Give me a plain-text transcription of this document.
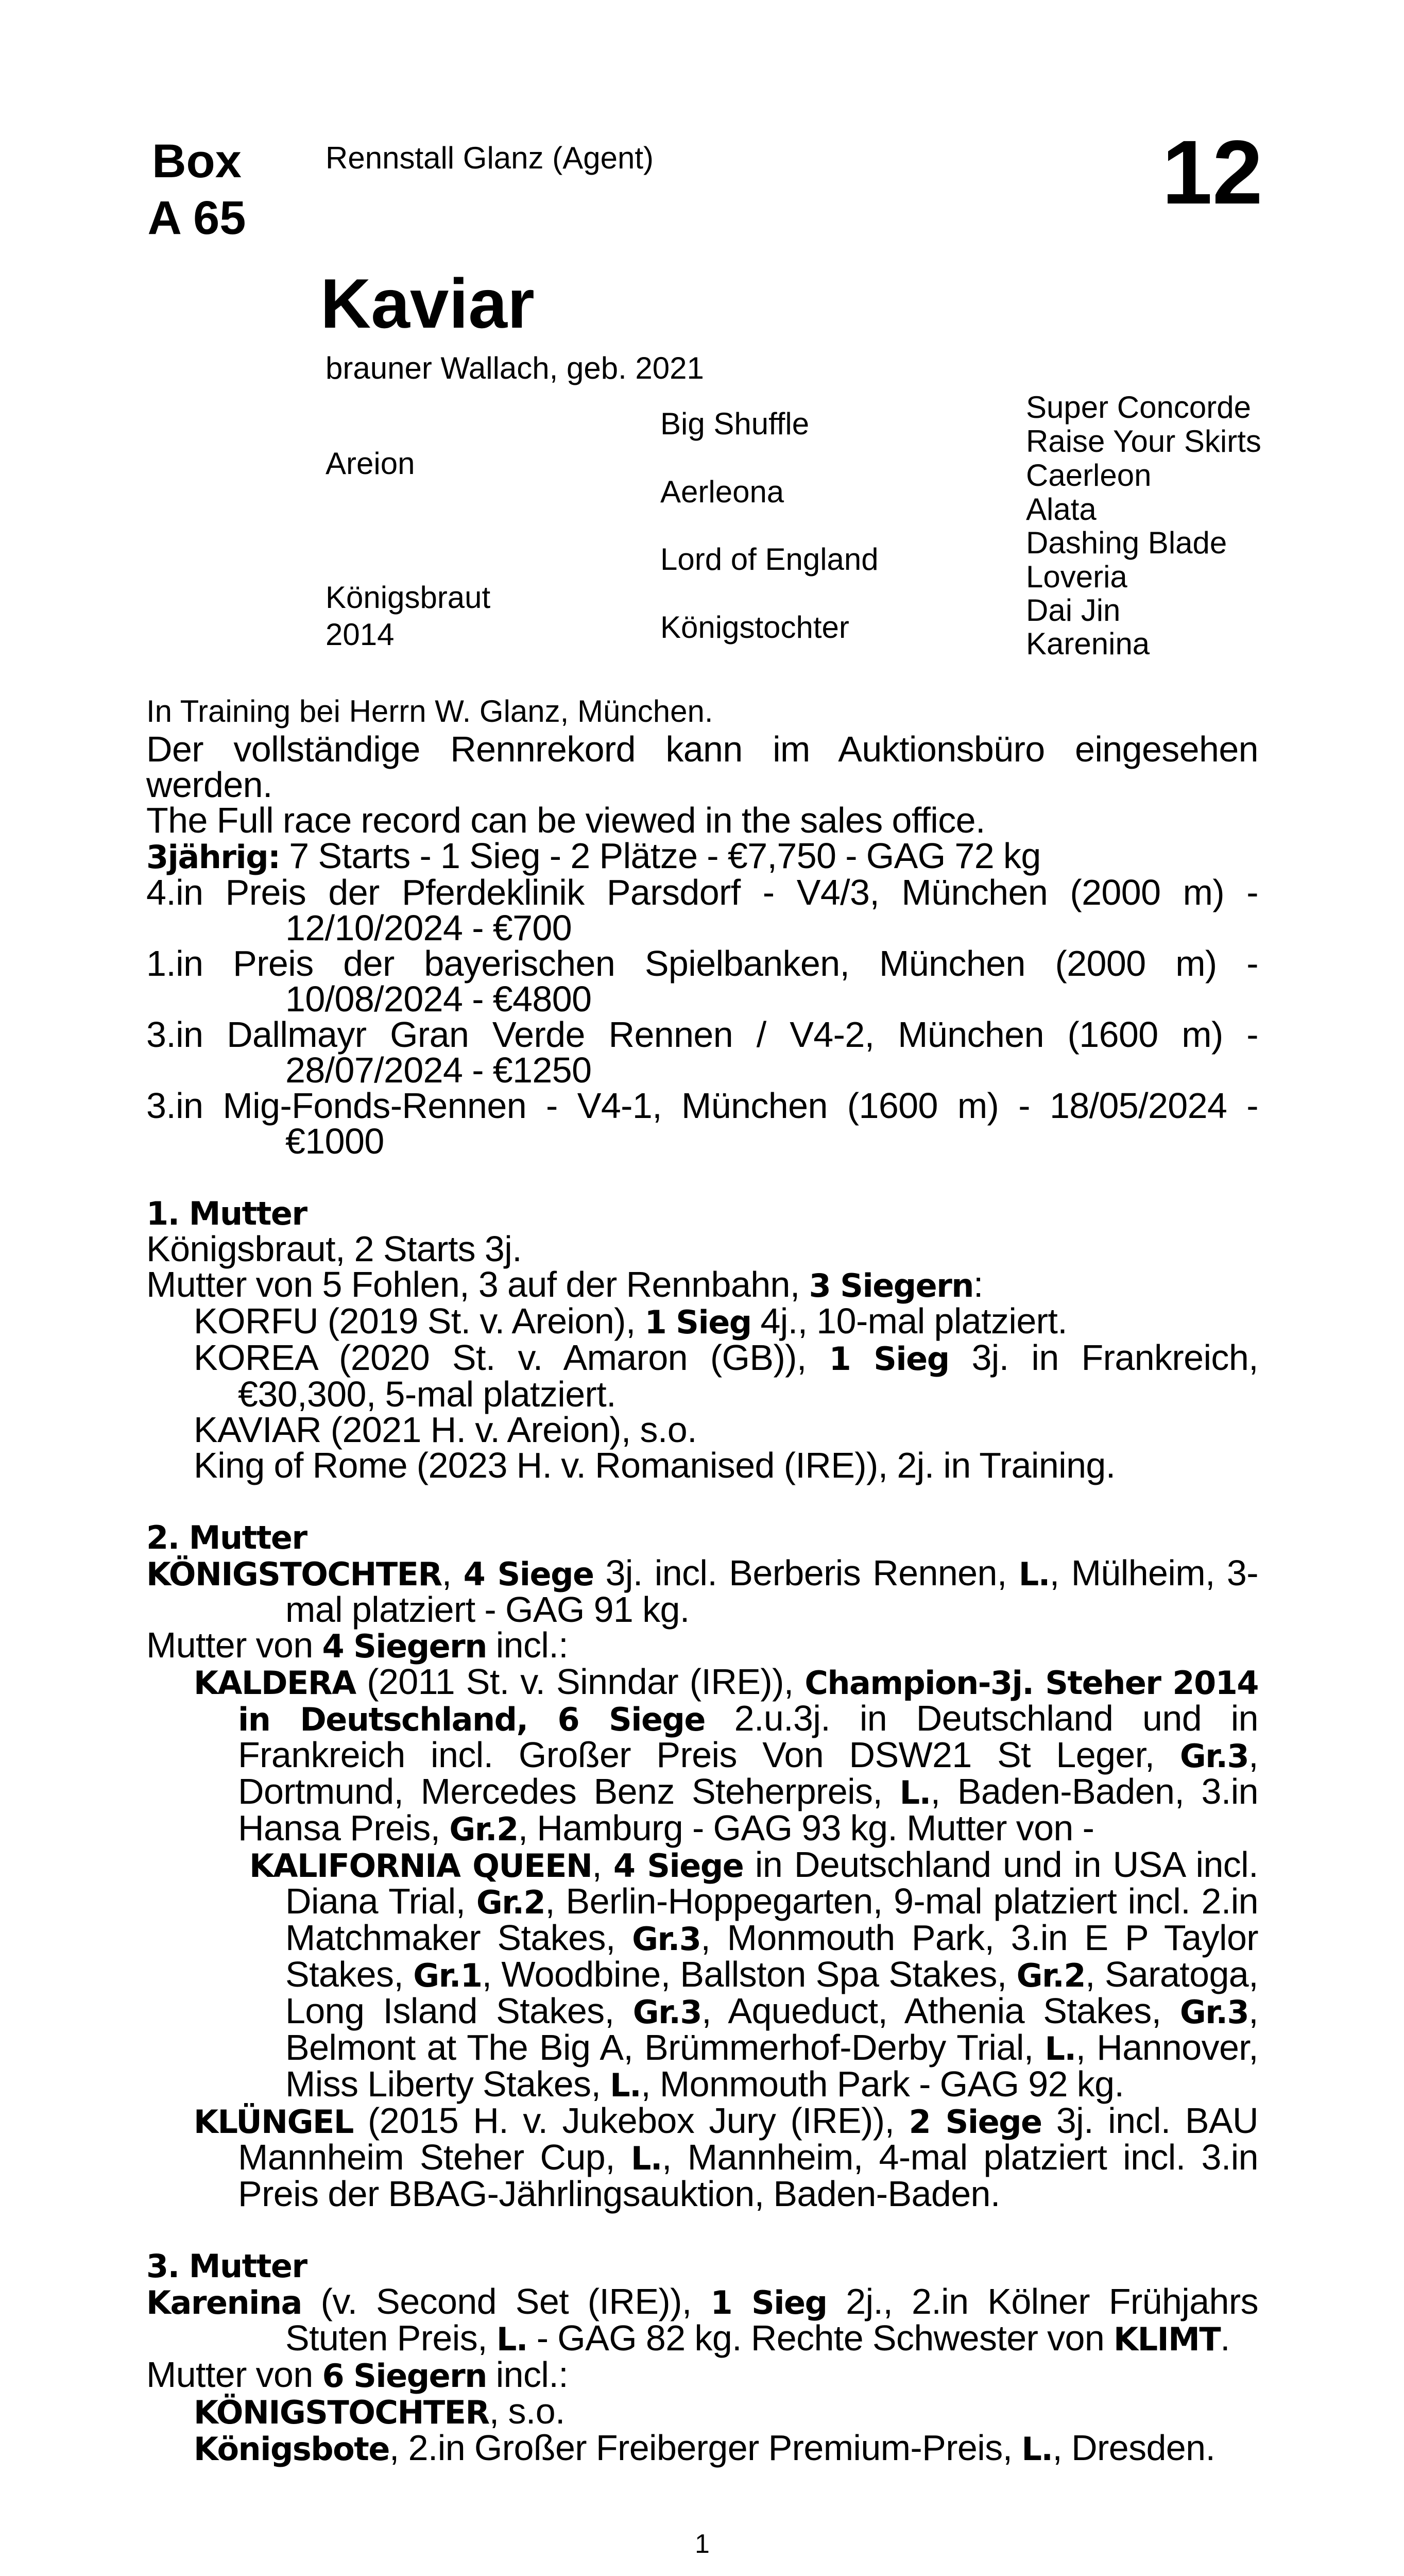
Box
A 65
Rennstall Glanz (Agent)	12
Kaviar
brauner Wallach, geb. 2021
Areion
Königsbraut
2014
Big Shuffle
Aerleona
Lord of England
Königstochter
Super Concorde
Raise Your Skirts
Caerleon
Alata
Dashing Blade
Loveria
Dai Jin
Karenina
In Training bei Herrn W. Glanz, München.
Der vollständige Rennrekord kann im Auktionsbüro eingesehen werden.
The Full race record can be viewed in the sales office.
3jährig: 7 Starts - 1 Sieg - 2 Plätze - €7,750 - GAG 72 kg
4.in Preis der Pferdeklinik Parsdorf - V4/3, München (2000 m) - 12/10/2024 - €700
1.in Preis der bayerischen Spielbanken, München (2000 m) - 10/08/2024 - €4800
3.in Dallmayr Gran Verde Rennen / V4-2, München (1600 m) - 28/07/2024 - €1250
3.in Mig-Fonds-Rennen - V4-1, München (1600 m) - 18/05/2024 - €1000
1. Mutter
Königsbraut, 2 Starts 3j.
Mutter von 5 Fohlen, 3 auf der Rennbahn, 3 Siegern:
KORFU (2019 St. v. Areion), 1 Sieg 4j., 10-mal platziert.
KOREA (2020 St. v. Amaron (GB)), 1 Sieg 3j. in Frankreich, €30,300, 5-mal platziert.
KAVIAR (2021 H. v. Areion), s.o.
King of Rome (2023 H. v. Romanised (IRE)), 2j. in Training.
2. Mutter
KÖNIGSTOCHTER, 4 Siege 3j. incl. Berberis Rennen, L., Mülheim, 3-mal platziert - GAG 91 kg.
Mutter von 4 Siegern incl.:
KALDERA (2011 St. v. Sinndar (IRE)), Champion-3j. Steher 2014 in Deutschland, 6 Siege 2.u.3j. in Deutschland und in Frankreich incl. Großer Preis Von DSW21 St Leger, Gr.3, Dortmund, Mercedes Benz Steherpreis, L., Baden-Baden, 3.in Hansa Preis, Gr.2, Hamburg - GAG 93 kg. Mutter von -
KALIFORNIA QUEEN, 4 Siege in Deutschland und in USA incl. Diana Trial, Gr.2, Berlin-Hoppegarten, 9-mal platziert incl. 2.in Matchmaker Stakes, Gr.3, Monmouth Park, 3.in E P Taylor Stakes, Gr.1, Woodbine, Ballston Spa Stakes, Gr.2, Saratoga, Long Island Stakes, Gr.3, Aqueduct, Athenia Stakes, Gr.3, Belmont at The Big A, Brümmerhof-Derby Trial, L., Hannover, Miss Liberty Stakes, L., Monmouth Park - GAG 92 kg.
KLÜNGEL (2015 H. v. Jukebox Jury (IRE)), 2 Siege 3j. incl. BAU Mannheim Steher Cup, L., Mannheim, 4-mal platziert incl. 3.in Preis der BBAG-Jährlingsauktion, Baden-Baden.
3. Mutter
Karenina (v. Second Set (IRE)), 1 Sieg 2j., 2.in Kölner Frühjahrs Stuten Preis, L. - GAG 82 kg. Rechte Schwester von KLIMT.
Mutter von 6 Siegern incl.:
KÖNIGSTOCHTER, s.o.
Königsbote, 2.in Großer Freiberger Premium-Preis, L., Dresden.
1
